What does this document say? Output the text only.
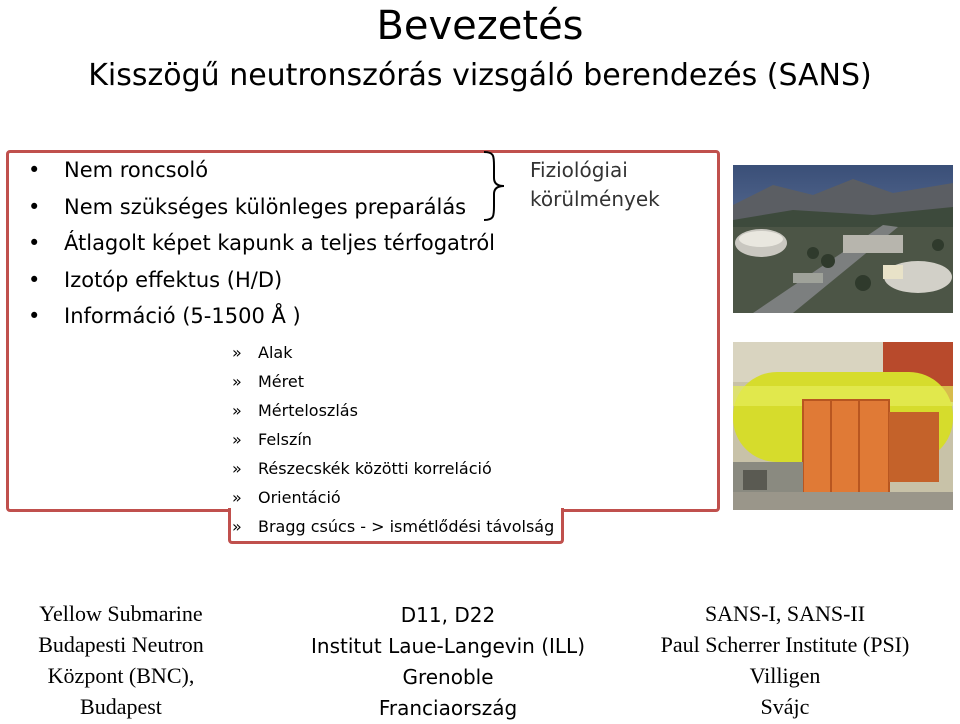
Bevezetés
Kisszögű neutronszórás vizsgáló berendezés (SANS)
• Nem roncsoló
• Nem szükséges különleges preparálás
• Átlagolt képet kapunk a teljes térfogatról
• Izotóp effektus (H/D)
• Információ (5-1500 Å )
» Alak
» Méret
» Mérteloszlás
» Felszín
» Részecskék közötti korreláció
» Orientáció
» Bragg csúcs - > ismétlődési távolság
Fiziológiai
körülmények
Yellow Submarine
Budapesti Neutron
Központ (BNC),
Budapest
D11, D22
Institut Laue-Langevin (ILL)
Grenoble
Franciaország
SANS-I, SANS-II
Paul Scherrer Institute (PSI)
Villigen
Svájc
